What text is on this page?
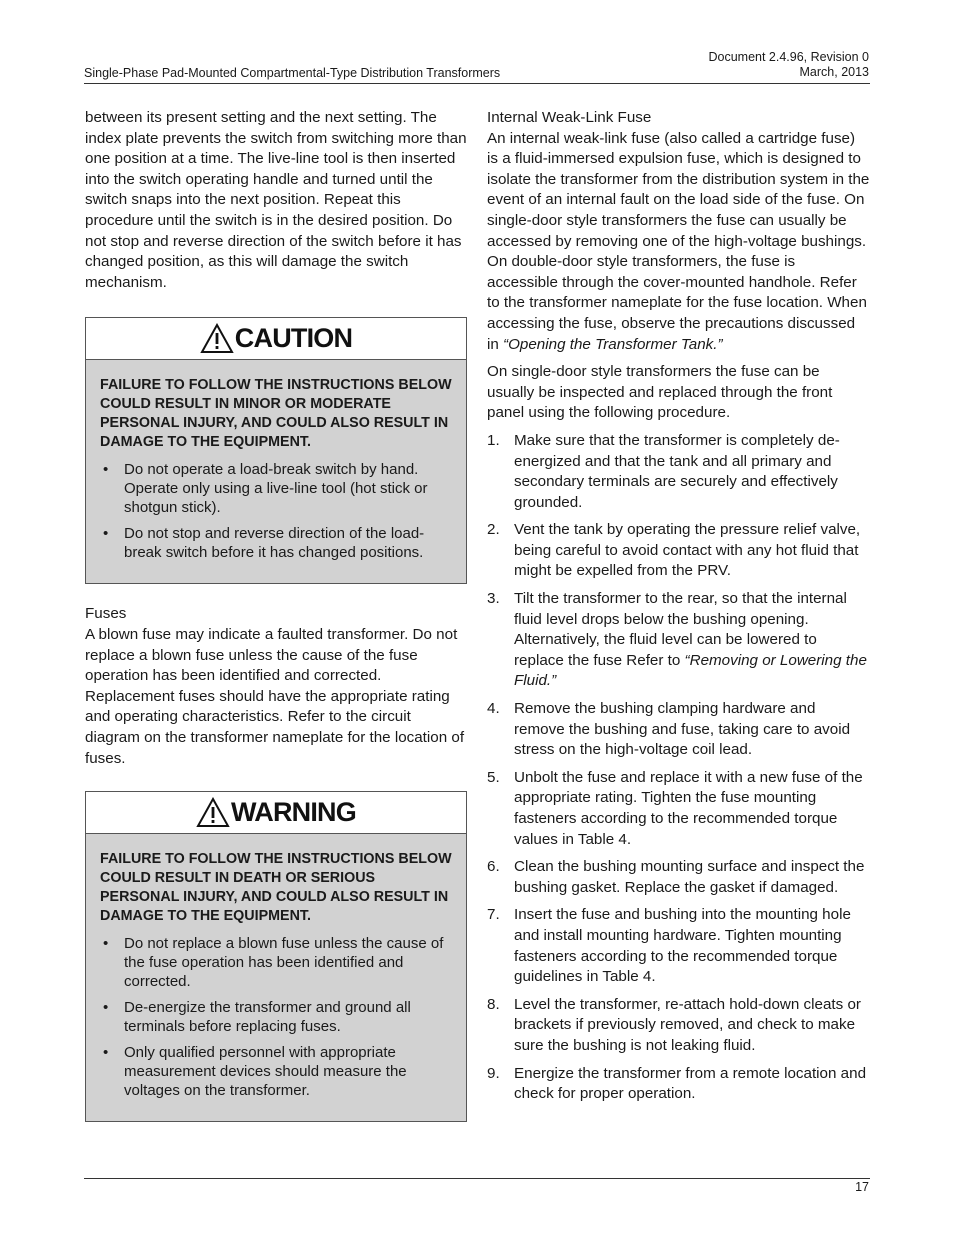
Single-Phase Pad-Mounted Compartmental-Type Distribution Transformers
Document 2.4.96, Revision 0
March, 2013

between its present setting and the next setting. The index plate prevents the switch from switching more than one position at a time. The live-line tool is then inserted into the switch operating handle and turned until the switch snaps into the next position. Repeat this procedure until the switch is in the desired position. Do not stop and reverse direction of the switch before it has changed position, as this will damage the switch mechanism.

CAUTION

FAILURE TO FOLLOW THE INSTRUCTIONS BELOW COULD RESULT IN MINOR OR MODERATE PERSONAL INJURY, AND COULD ALSO RESULT IN DAMAGE TO THE EQUIPMENT.

• Do not operate a load-break switch by hand. Operate only using a live-line tool (hot stick or shotgun stick).
• Do not stop and reverse direction of the load-break switch before it has changed positions.
Fuses

A blown fuse may indicate a faulted transformer. Do not replace a blown fuse unless the cause of the fuse operation has been identified and corrected. Replacement fuses should have the appropriate rating and operating characteristics. Refer to the circuit diagram on the transformer nameplate for the location of fuses.

WARNING

FAILURE TO FOLLOW THE INSTRUCTIONS BELOW COULD RESULT IN DEATH OR SERIOUS PERSONAL INJURY, AND COULD ALSO RESULT IN DAMAGE TO THE EQUIPMENT.

• Do not replace a blown fuse unless the cause of the fuse operation has been identified and corrected.
• De-energize the transformer and ground all terminals before replacing fuses.
• Only qualified personnel with appropriate measurement devices should measure the voltages on the transformer.
Internal Weak-Link Fuse

An internal weak-link fuse (also called a cartridge fuse) is a fluid-immersed expulsion fuse, which is designed to isolate the transformer from the distribution system in the event of an internal fault on the load side of the fuse. On single-door style transformers the fuse can usually be accessed by removing one of the high-voltage bushings. On double-door style transformers, the fuse is accessible through the cover-mounted handhole. Refer to the transformer nameplate for the fuse location. When accessing the fuse, observe the precautions discussed in “Opening the Transformer Tank.”

On single-door style transformers the fuse can be usually be inspected and replaced through the front panel using the following procedure.

1. Make sure that the transformer is completely de-energized and that the tank and all primary and secondary terminals are securely and effectively grounded.
2. Vent the tank by operating the pressure relief valve, being careful to avoid contact with any hot fluid that might be expelled from the PRV.
3. Tilt the transformer to the rear, so that the internal fluid level drops below the bushing opening. Alternatively, the fluid level can be lowered to replace the fuse Refer to “Removing or Lowering the Fluid.”
4. Remove the bushing clamping hardware and remove the bushing and fuse, taking care to avoid stress on the high-voltage coil lead.
5. Unbolt the fuse and replace it with a new fuse of the appropriate rating. Tighten the fuse mounting fasteners according to the recommended torque values in Table 4.
6. Clean the bushing mounting surface and inspect the bushing gasket. Replace the gasket if damaged.
7. Insert the fuse and bushing into the mounting hole and install mounting hardware. Tighten mounting fasteners according to the recommended torque guidelines in Table 4.
8. Level the transformer, re-attach hold-down cleats or brackets if previously removed, and check to make sure the bushing is not leaking fluid.
9. Energize the transformer from a remote location and check for proper operation.
17
